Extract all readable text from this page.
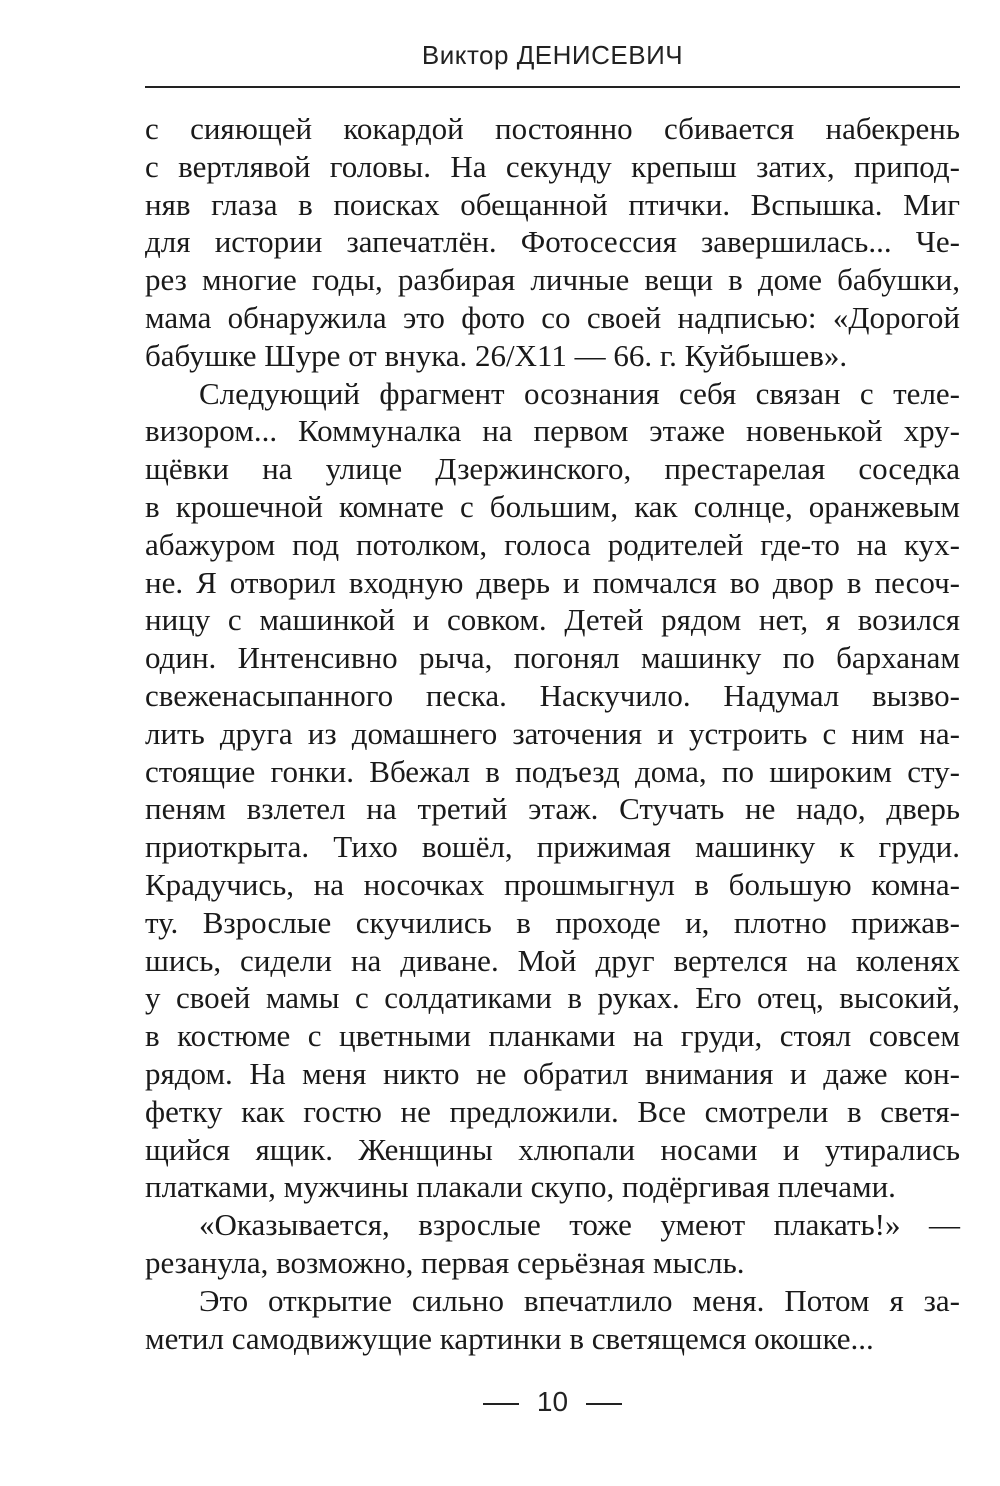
Виктор ДЕНИСЕВИЧ

с сияющей кокардой постоянно сбивается набекрень
с вертлявой головы. На секунду крепыш затих, припод-
няв глаза в поисках обещанной птички. Вспышка. Миг
для истории запечатлён. Фотосессия завершилась... Че-
рез многие годы, разбирая личные вещи в доме бабушки,
мама обнаружила это фото со своей надписью: «Дорогой
бабушке Шуре от внука. 26/Х11 — 66. г. Куйбышев».

Следующий фрагмент осознания себя связан с теле-
визором... Коммуналка на первом этаже новенькой хру-
щёвки на улице Дзержинского, престарелая соседка
в крошечной комнате с большим, как солнце, оранжевым
абажуром под потолком, голоса родителей где-то на кух-
не. Я отворил входную дверь и помчался во двор в песоч-
ницу с машинкой и совком. Детей рядом нет, я возился
один. Интенсивно рыча, погонял машинку по барханам
свеженасыпанного песка. Наскучило. Надумал вызво-
лить друга из домашнего заточения и устроить с ним на-
стоящие гонки. Вбежал в подъезд дома, по широким сту-
пеням взлетел на третий этаж. Стучать не надо, дверь
приоткрыта. Тихо вошёл, прижимая машинку к груди.
Крадучись, на носочках прошмыгнул в большую комна-
ту. Взрослые скучились в проходе и, плотно прижав-
шись, сидели на диване. Мой друг вертелся на коленях
у своей мамы с солдатиками в руках. Его отец, высокий,
в костюме с цветными планками на груди, стоял совсем
рядом. На меня никто не обратил внимания и даже кон-
фетку как гостю не предложили. Все смотрели в светя-
щийся ящик. Женщины хлюпали носами и утирались
платками, мужчины плакали скупо, подёргивая плечами.

«Оказывается, взрослые тоже умеют плакать!» —
резанула, возможно, первая серьёзная мысль.

Это открытие сильно впечатлило меня. Потом я за-
метил самодвижущие картинки в светящемся окошке...

10
